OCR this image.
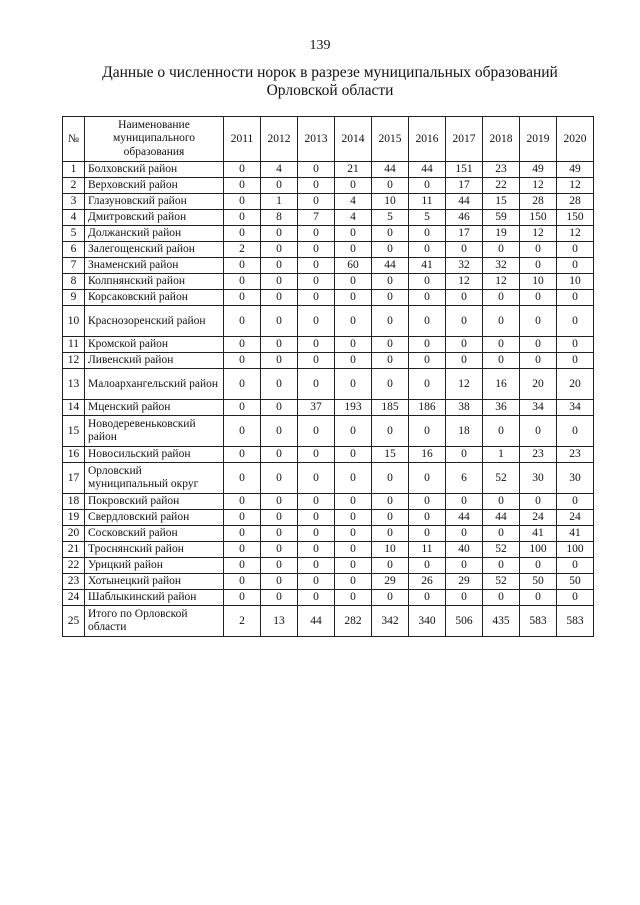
139
Данные о численности норок в разрезе муниципальных образований
Орловской области
№	Наименование муниципального образования	2011	2012	2013	2014	2015	2016	2017	2018	2019	2020
1	Болховский район	0	4	0	21	44	44	151	23	49	49
2	Верховский район	0	0	0	0	0	0	17	22	12	12
3	Глазуновский район	0	1	0	4	10	11	44	15	28	28
4	Дмитровский район	0	8	7	4	5	5	46	59	150	150
5	Должанский район	0	0	0	0	0	0	17	19	12	12
6	Залегощенский район	2	0	0	0	0	0	0	0	0	0
7	Знаменский район	0	0	0	60	44	41	32	32	0	0
8	Колпнянский район	0	0	0	0	0	0	12	12	10	10
9	Корсаковский район	0	0	0	0	0	0	0	0	0	0
10	Краснозоренский район	0	0	0	0	0	0	0	0	0	0
11	Кромской район	0	0	0	0	0	0	0	0	0	0
12	Ливенский район	0	0	0	0	0	0	0	0	0	0
13	Малоархангельский район	0	0	0	0	0	0	12	16	20	20
14	Мценский район	0	0	37	193	185	186	38	36	34	34
15	Новодеревеньковский район	0	0	0	0	0	0	18	0	0	0
16	Новосильский район	0	0	0	0	15	16	0	1	23	23
17	Орловский муниципальный округ	0	0	0	0	0	0	6	52	30	30
18	Покровский район	0	0	0	0	0	0	0	0	0	0
19	Свердловский район	0	0	0	0	0	0	44	44	24	24
20	Сосковский район	0	0	0	0	0	0	0	0	41	41
21	Троснянский район	0	0	0	0	10	11	40	52	100	100
22	Урицкий район	0	0	0	0	0	0	0	0	0	0
23	Хотынецкий район	0	0	0	0	29	26	29	52	50	50
24	Шаблыкинский район	0	0	0	0	0	0	0	0	0	0
25	Итого по Орловской области	2	13	44	282	342	340	506	435	583	583
